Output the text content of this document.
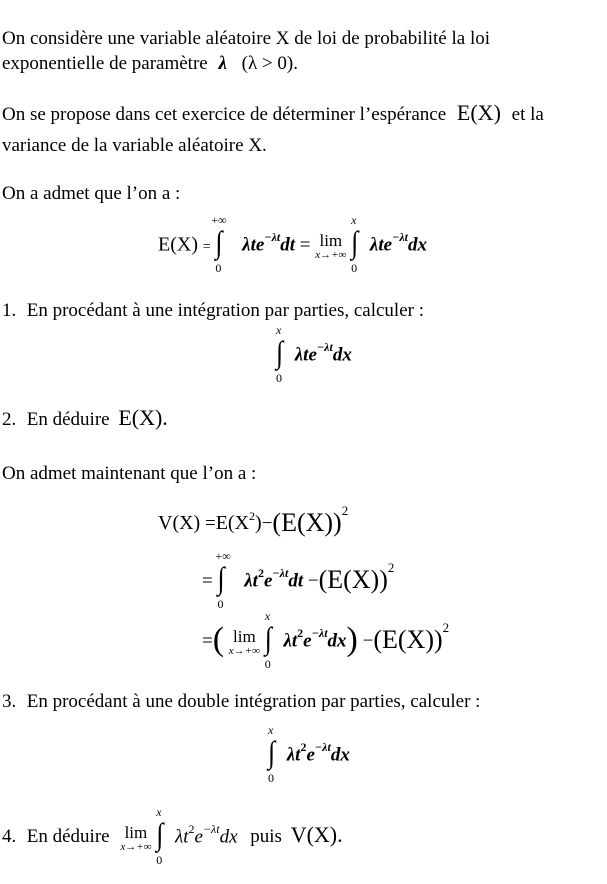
On considère une variable aléatoire X de loi de probabilité la loi
exponentielle de paramètre λ (λ > 0).
On se propose dans cet exercice de déterminer l’espérance E(X) et la
variance de la variable aléatoire X.
On a admet que l’on a :
E(X) =
+∞
∫
0
λte$^{-\lambda t}$dt = lim
x→+∞

x
∫
0
λte$^{-\lambda t}$dx
1. En procédant à une intégration par parties, calculer :
x
∫
0
λte$^{-\lambda t}$dx
2. En déduire E(X).
On admet maintenant que l’on a :
$V(X) =E(X^2)-(E(X))^2$
=
+∞
∫
0
$\lambda t^2e^{-\lambda t}dt -(E(X))^2$
=( lim
x→+∞

x
∫
0
$\lambda t^2e^{-\lambda t}dx) -(E(X))^2$
3. En procédant à une double intégration par parties, calculer :
x
∫
0
$\lambda t^2e^{-\lambda t}dx$
4. En déduire lim
x→+∞

x
∫
0
$\lambda t^2e^{-\lambda t}dx$ puis V(X).
